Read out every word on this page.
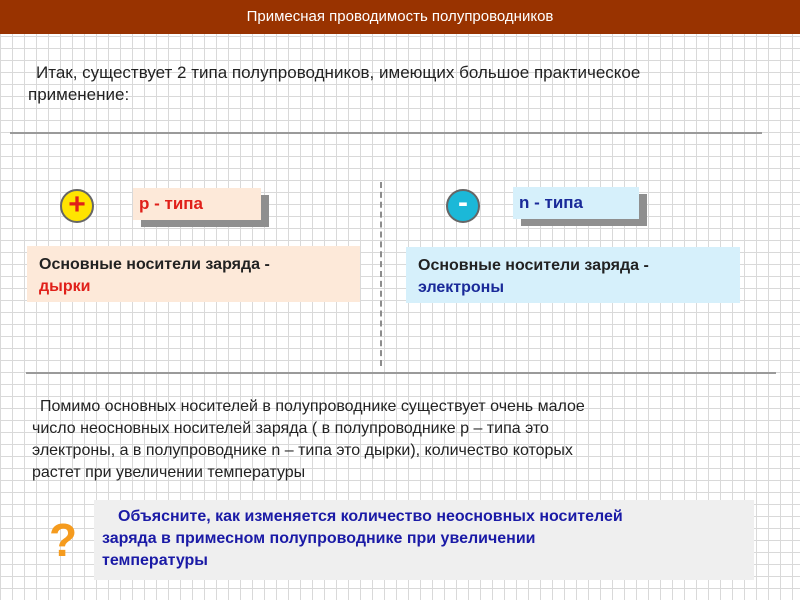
Примесная проводимость полупроводников
Итак, существует 2 типа полупроводников, имеющих большое практическое
применение:
+	p - типа	-	n - типа
Основные носители заряда -
дырки
Основные носители заряда -
электроны
Помимо основных носителей в полупроводнике существует очень малое
число неосновных носителей заряда ( в полупроводнике p – типа это
электроны, а в полупроводнике n – типа это дырки), количество которых
растет при увеличении температуры
?	Объясните, как изменяется количество неосновных носителей
заряда в примесном полупроводнике при увеличении
температуры
